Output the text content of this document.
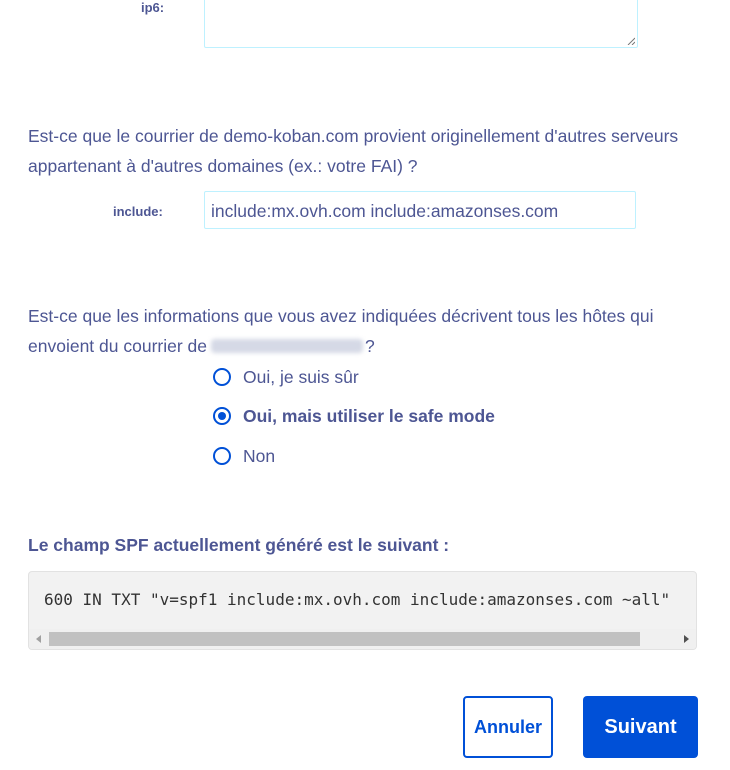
ip6:
Est-ce que le courrier de demo-koban.com provient originellement d'autres serveurs appartenant à d'autres domaines (ex.: votre FAI) ?
include:	include:mx.ovh.com include:amazonses.com
Est-ce que les informations que vous avez indiquées décrivent tous les hôtes qui envoient du courrier de	?
Oui, je suis sûr
Oui, mais utiliser le safe mode
Non
Le champ SPF actuellement généré est le suivant :
600 IN TXT "v=spf1 include:mx.ovh.com include:amazonses.com ~all"
Annuler	Suivant
